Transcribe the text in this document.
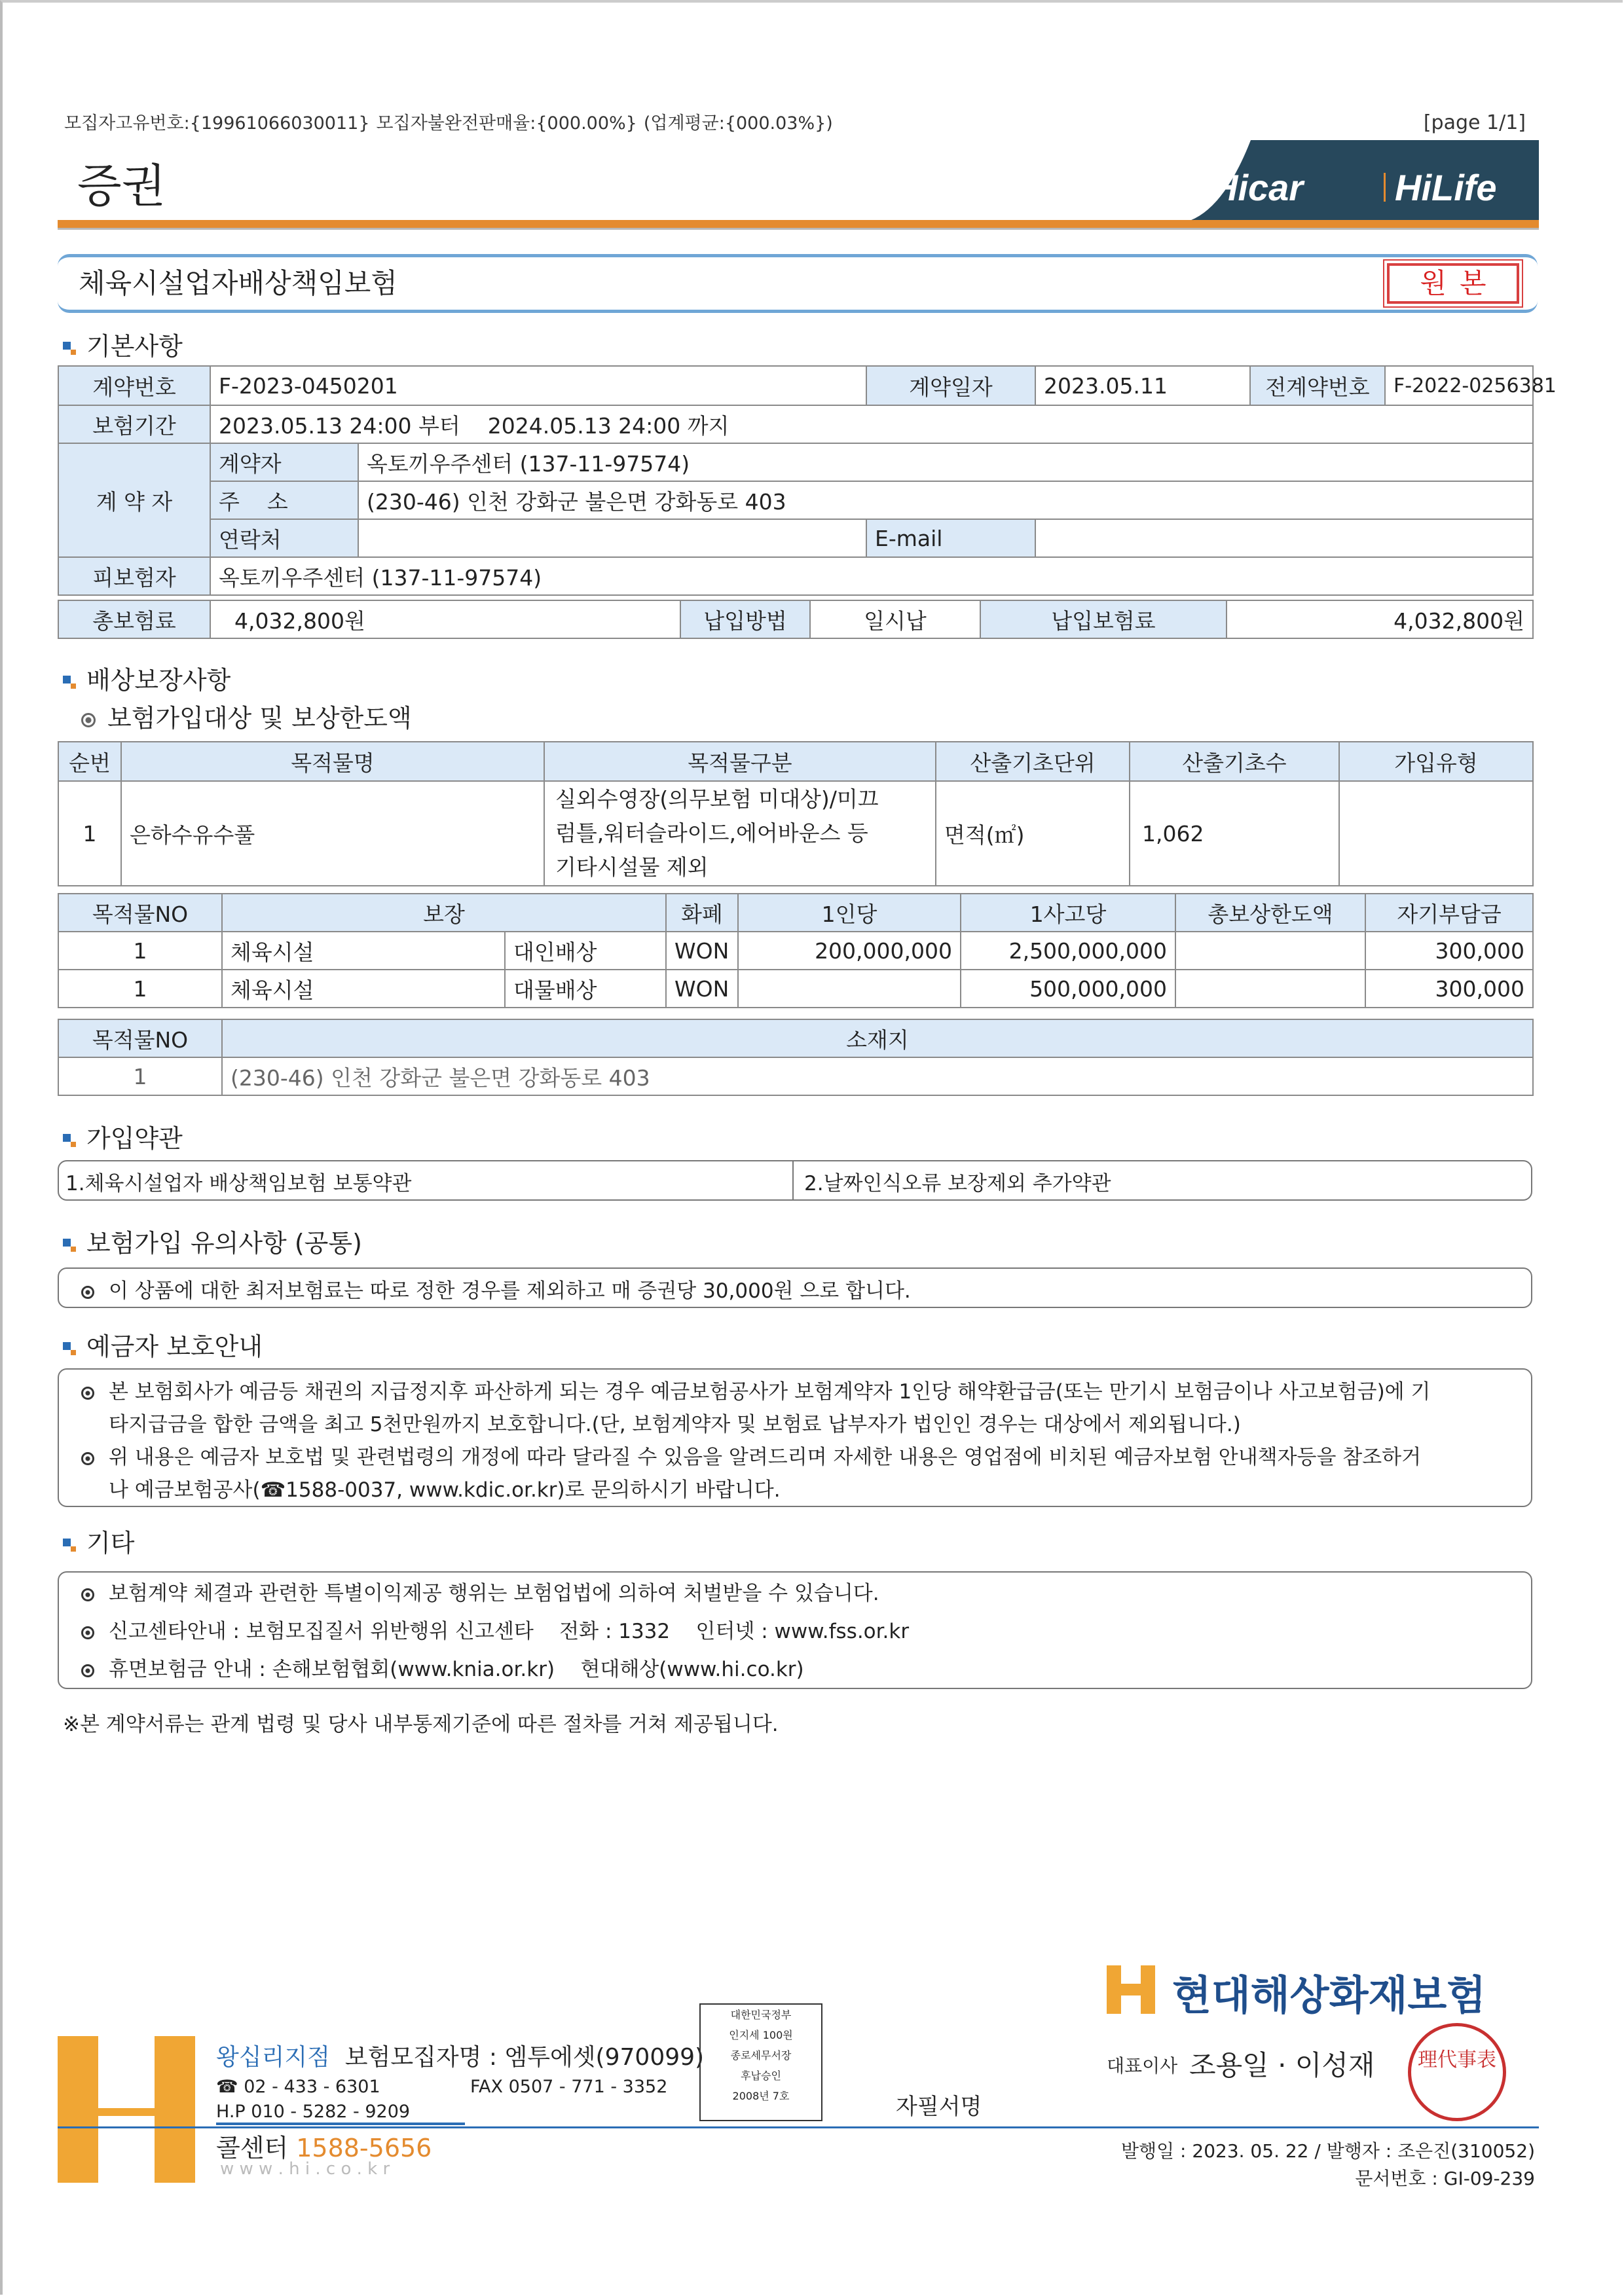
모집자고유번호:{19961066030011} 모집자불완전판매율:{000.00%} (업계평균:{000.03%})	[page 1/1]
증권	Hicar HiLife
체육시설업자배상책임보험	원본
기본사항
계약번호	F-2023-0450201		계약일자	2023.05.11	전계약번호	F-2022-0256381
보험기간	2023.05.13 24:00 부터    2024.05.13 24:00 까지					
계 약 자	계약자	옥토끼우주센터 (137-11-97574)				
	주    소	(230-46) 인천 강화군 불은면 강화동로 403				
	연락처		E-mail			
피보험자	옥토끼우주센터 (137-11-97574)					
총보험료	4,032,800원	납입방법	일시납	납입보험료	4,032,800원
배상보장사항
보험가입대상 및 보상한도액
순번	목적물명	목적물구분	산출기초단위	산출기초수	가입유형
1	은하수유수풀	실외수영장(의무보험 미대상)/미끄
럼틀,워터슬라이드,에어바운스 등
기타시설물 제외	면적(㎡)	1,062	
목적물NO	보장		화폐	1인당	1사고당	총보상한도액	자기부담금
1	체육시설	대인배상	WON	200,000,000	2,500,000,000		300,000
1	체육시설	대물배상	WON		500,000,000		300,000
목적물NO	소재지
1	(230-46) 인천 강화군 불은면 강화동로 403
가입약관
1.체육시설업자 배상책임보험 보통약관	2.날짜인식오류 보장제외 추가약관
보험가입 유의사항 (공통)
이 상품에 대한 최저보험료는 따로 정한 경우를 제외하고 매 증권당 30,000원 으로 합니다.
예금자 보호안내
본 보험회사가 예금등 채권의 지급정지후 파산하게 되는 경우 예금보험공사가 보험계약자 1인당 해약환급금(또는 만기시 보험금이나 사고보험금)에 기
타지급금을 합한 금액을 최고 5천만원까지 보호합니다.(단, 보험계약자 및 보험료 납부자가 법인인 경우는 대상에서 제외됩니다.)
위 내용은 예금자 보호법 및 관련법령의 개정에 따라 달라질 수 있음을 알려드리며 자세한 내용은 영업점에 비치된 예금자보험 안내책자등을 참조하거
나 예금보험공사(☎1588-0037, www.kdic.or.kr)로 문의하시기 바랍니다.
기타
보험계약 체결과 관련한 특별이익제공 행위는 보험업법에 의하여 처벌받을 수 있습니다.
신고센타안내 : 보험모집질서 위반행위 신고센타    전화 : 1332    인터넷 : www.fss.or.kr
휴면보험금 안내 : 손해보험협회(www.knia.or.kr)    현대해상(www.hi.co.kr)
※본 계약서류는 관계 법령 및 당사 내부통제기준에 따른 절차를 거쳐 제공됩니다.
왕십리지점 보험모집자명 : 엠투에셋(970099)
☎ 02 - 433 - 6301	FAX 0507 - 771 - 3352
H.P 010 - 5282 - 9209
콜센터 1588-5656
w w w . h i . c o . k r
대한민국정부
인지세 100원
종로세무서장
후납승인
2008년 7호	자필서명
현대해상화재보험
대표이사 조용일 · 이성재	理代事表
발행일 : 2023. 05. 22 / 발행자 : 조은진(310052)
문서번호 : GI-09-239
